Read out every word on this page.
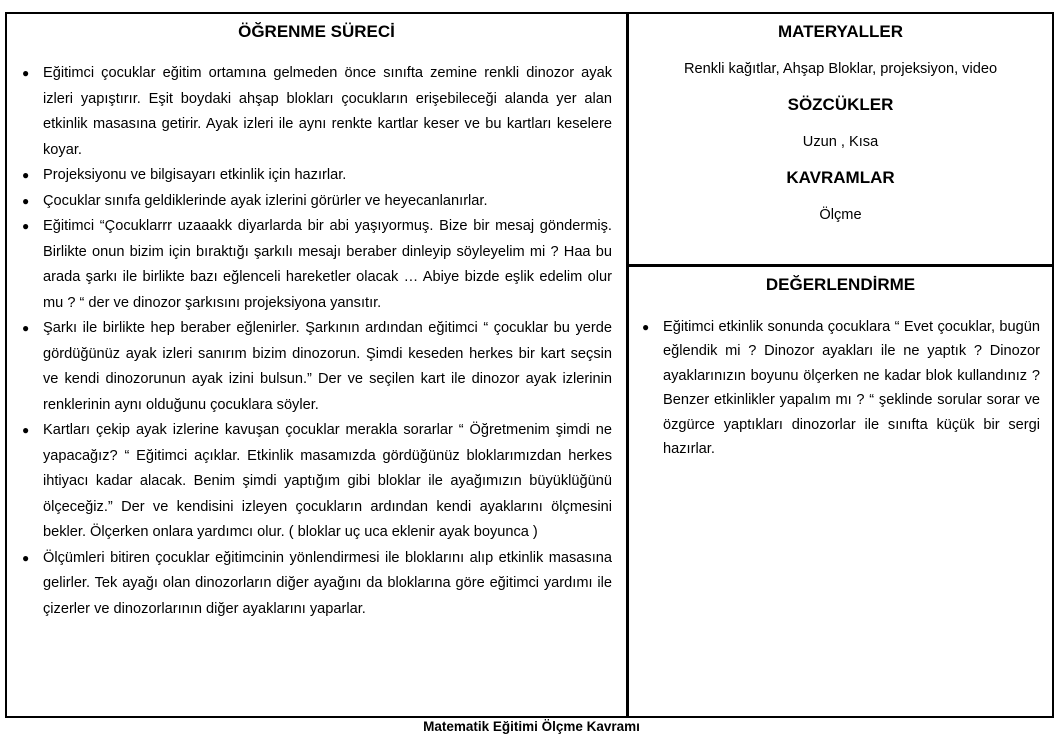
ÖĞRENME SÜRECİ
● Eğitimci çocuklar eğitim ortamına gelmeden önce sınıfta zemine renkli dinozor ayak izleri yapıştırır. Eşit boydaki ahşap blokları çocukların erişebileceği alanda yer alan etkinlik masasına getirir. Ayak izleri ile aynı renkte kartlar keser ve bu kartları keselere koyar.
● Projeksiyonu ve bilgisayarı etkinlik için hazırlar.
● Çocuklar sınıfa geldiklerinde ayak izlerini görürler ve heyecanlanırlar.
● Eğitimci “Çocuklarrr uzaaakk diyarlarda bir abi yaşıyormuş. Bize bir mesaj göndermiş. Birlikte onun bizim için bıraktığı şarkılı mesajı beraber dinleyip söyleyelim mi ? Haa bu arada şarkı ile birlikte bazı eğlenceli hareketler olacak … Abiye bizde eşlik edelim olur mu ? “ der ve dinozor şarkısını projeksiyona yansıtır.
● Şarkı ile birlikte hep beraber eğlenirler. Şarkının ardından eğitimci “ çocuklar bu yerde gördüğünüz ayak izleri sanırım bizim dinozorun. Şimdi keseden herkes bir kart seçsin ve kendi dinozorunun ayak izini bulsun.” Der ve seçilen kart ile dinozor ayak izlerinin renklerinin aynı olduğunu çocuklara söyler.
● Kartları çekip ayak izlerine kavuşan çocuklar merakla sorarlar “ Öğretmenim şimdi ne yapacağız? “ Eğitimci açıklar. Etkinlik masamızda gördüğünüz bloklarımızdan herkes ihtiyacı kadar alacak. Benim şimdi yaptığım gibi bloklar ile ayağımızın büyüklüğünü ölçeceğiz.” Der ve kendisini izleyen çocukların ardından kendi ayaklarını ölçmesini bekler. Ölçerken onlara yardımcı olur. ( bloklar uç uca eklenir ayak boyunca )
● Ölçümleri bitiren çocuklar eğitimcinin yönlendirmesi ile bloklarını alıp etkinlik masasına gelirler. Tek ayağı olan dinozorların diğer ayağını da bloklarına göre eğitimci yardımı ile çizerler ve dinozorlarının diğer ayaklarını yaparlar.
MATERYALLER

Renkli kağıtlar, Ahşap Bloklar, projeksiyon, video

SÖZCÜKLER

Uzun , Kısa

KAVRAMLAR

Ölçme

DEĞERLENDİRME
● Eğitimci etkinlik sonunda çocuklara “ Evet çocuklar, bugün eğlendik mi ? Dinozor ayakları ile ne yaptık ? Dinozor ayaklarınızın boyunu ölçerken ne kadar blok kullandınız ? Benzer etkinlikler yapalım mı ? “ şeklinde sorular sorar ve özgürce yaptıkları dinozorlar ile sınıfta küçük bir sergi hazırlar.
Matematik Eğitimi Ölçme Kavramı
